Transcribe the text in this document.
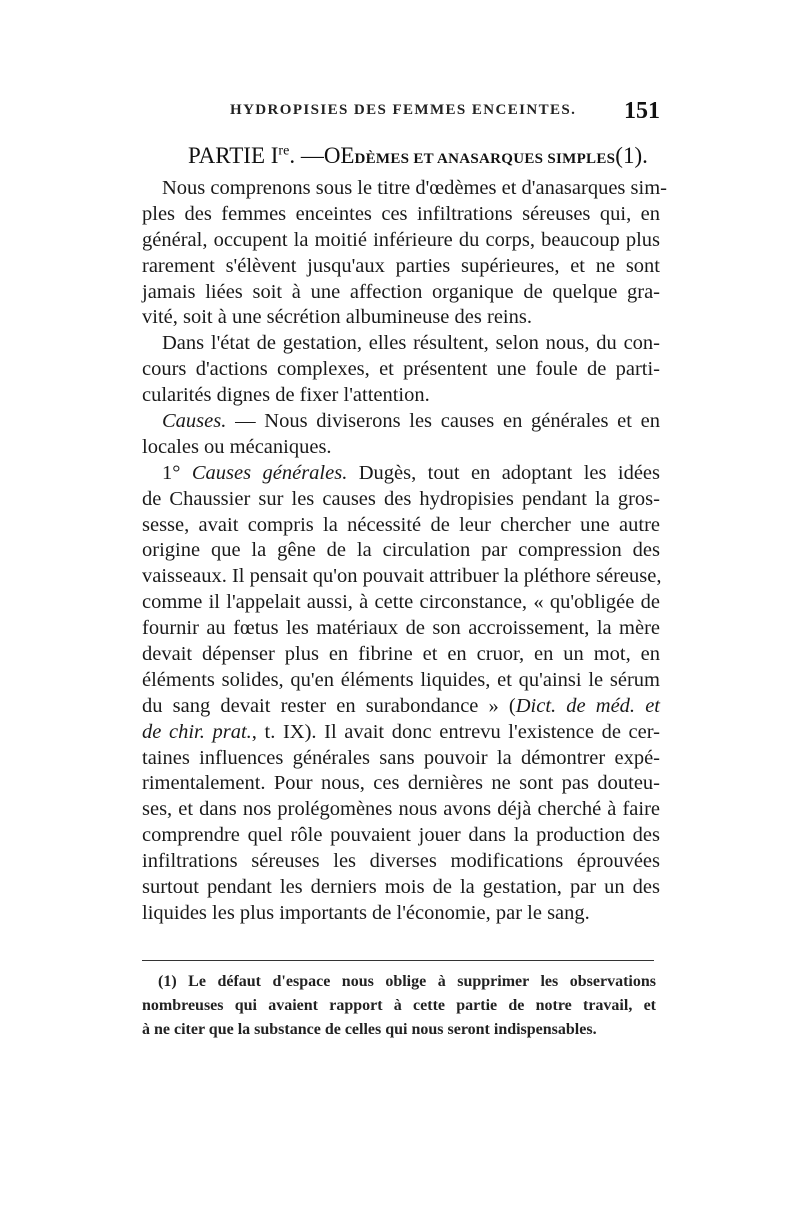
HYDROPISIES DES FEMMES ENCEINTES. 151
PARTIE Ire. —OEDÈMES ET ANASARQUES SIMPLES(1).
Nous comprenons sous le titre d'œdèmes et d'anasarques sim-
ples des femmes enceintes ces infiltrations séreuses qui, en
général, occupent la moitié inférieure du corps, beaucoup plus
rarement s'élèvent jusqu'aux parties supérieures, et ne sont
jamais liées soit à une affection organique de quelque gra-
vité, soit à une sécrétion albumineuse des reins.
Dans l'état de gestation, elles résultent, selon nous, du con-
cours d'actions complexes, et présentent une foule de parti-
cularités dignes de fixer l'attention.
Causes. — Nous diviserons les causes en générales et en
locales ou mécaniques.
1° Causes générales. Dugès, tout en adoptant les idées
de Chaussier sur les causes des hydropisies pendant la gros-
sesse, avait compris la nécessité de leur chercher une autre
origine que la gêne de la circulation par compression des
vaisseaux. Il pensait qu'on pouvait attribuer la pléthore séreuse,
comme il l'appelait aussi, à cette circonstance, « qu'obligée de
fournir au fœtus les matériaux de son accroissement, la mère
devait dépenser plus en fibrine et en cruor, en un mot, en
éléments solides, qu'en éléments liquides, et qu'ainsi le sérum
du sang devait rester en surabondance » (Dict. de méd. et
de chir. prat., t. IX). Il avait donc entrevu l'existence de cer-
taines influences générales sans pouvoir la démontrer expé-
rimentalement. Pour nous, ces dernières ne sont pas douteu-
ses, et dans nos prolégomènes nous avons déjà cherché à faire
comprendre quel rôle pouvaient jouer dans la production des
infiltrations séreuses les diverses modifications éprouvées
surtout pendant les derniers mois de la gestation, par un des
liquides les plus importants de l'économie, par le sang.
(1) Le défaut d'espace nous oblige à supprimer les observations
nombreuses qui avaient rapport à cette partie de notre travail, et
à ne citer que la substance de celles qui nous seront indispensables.
